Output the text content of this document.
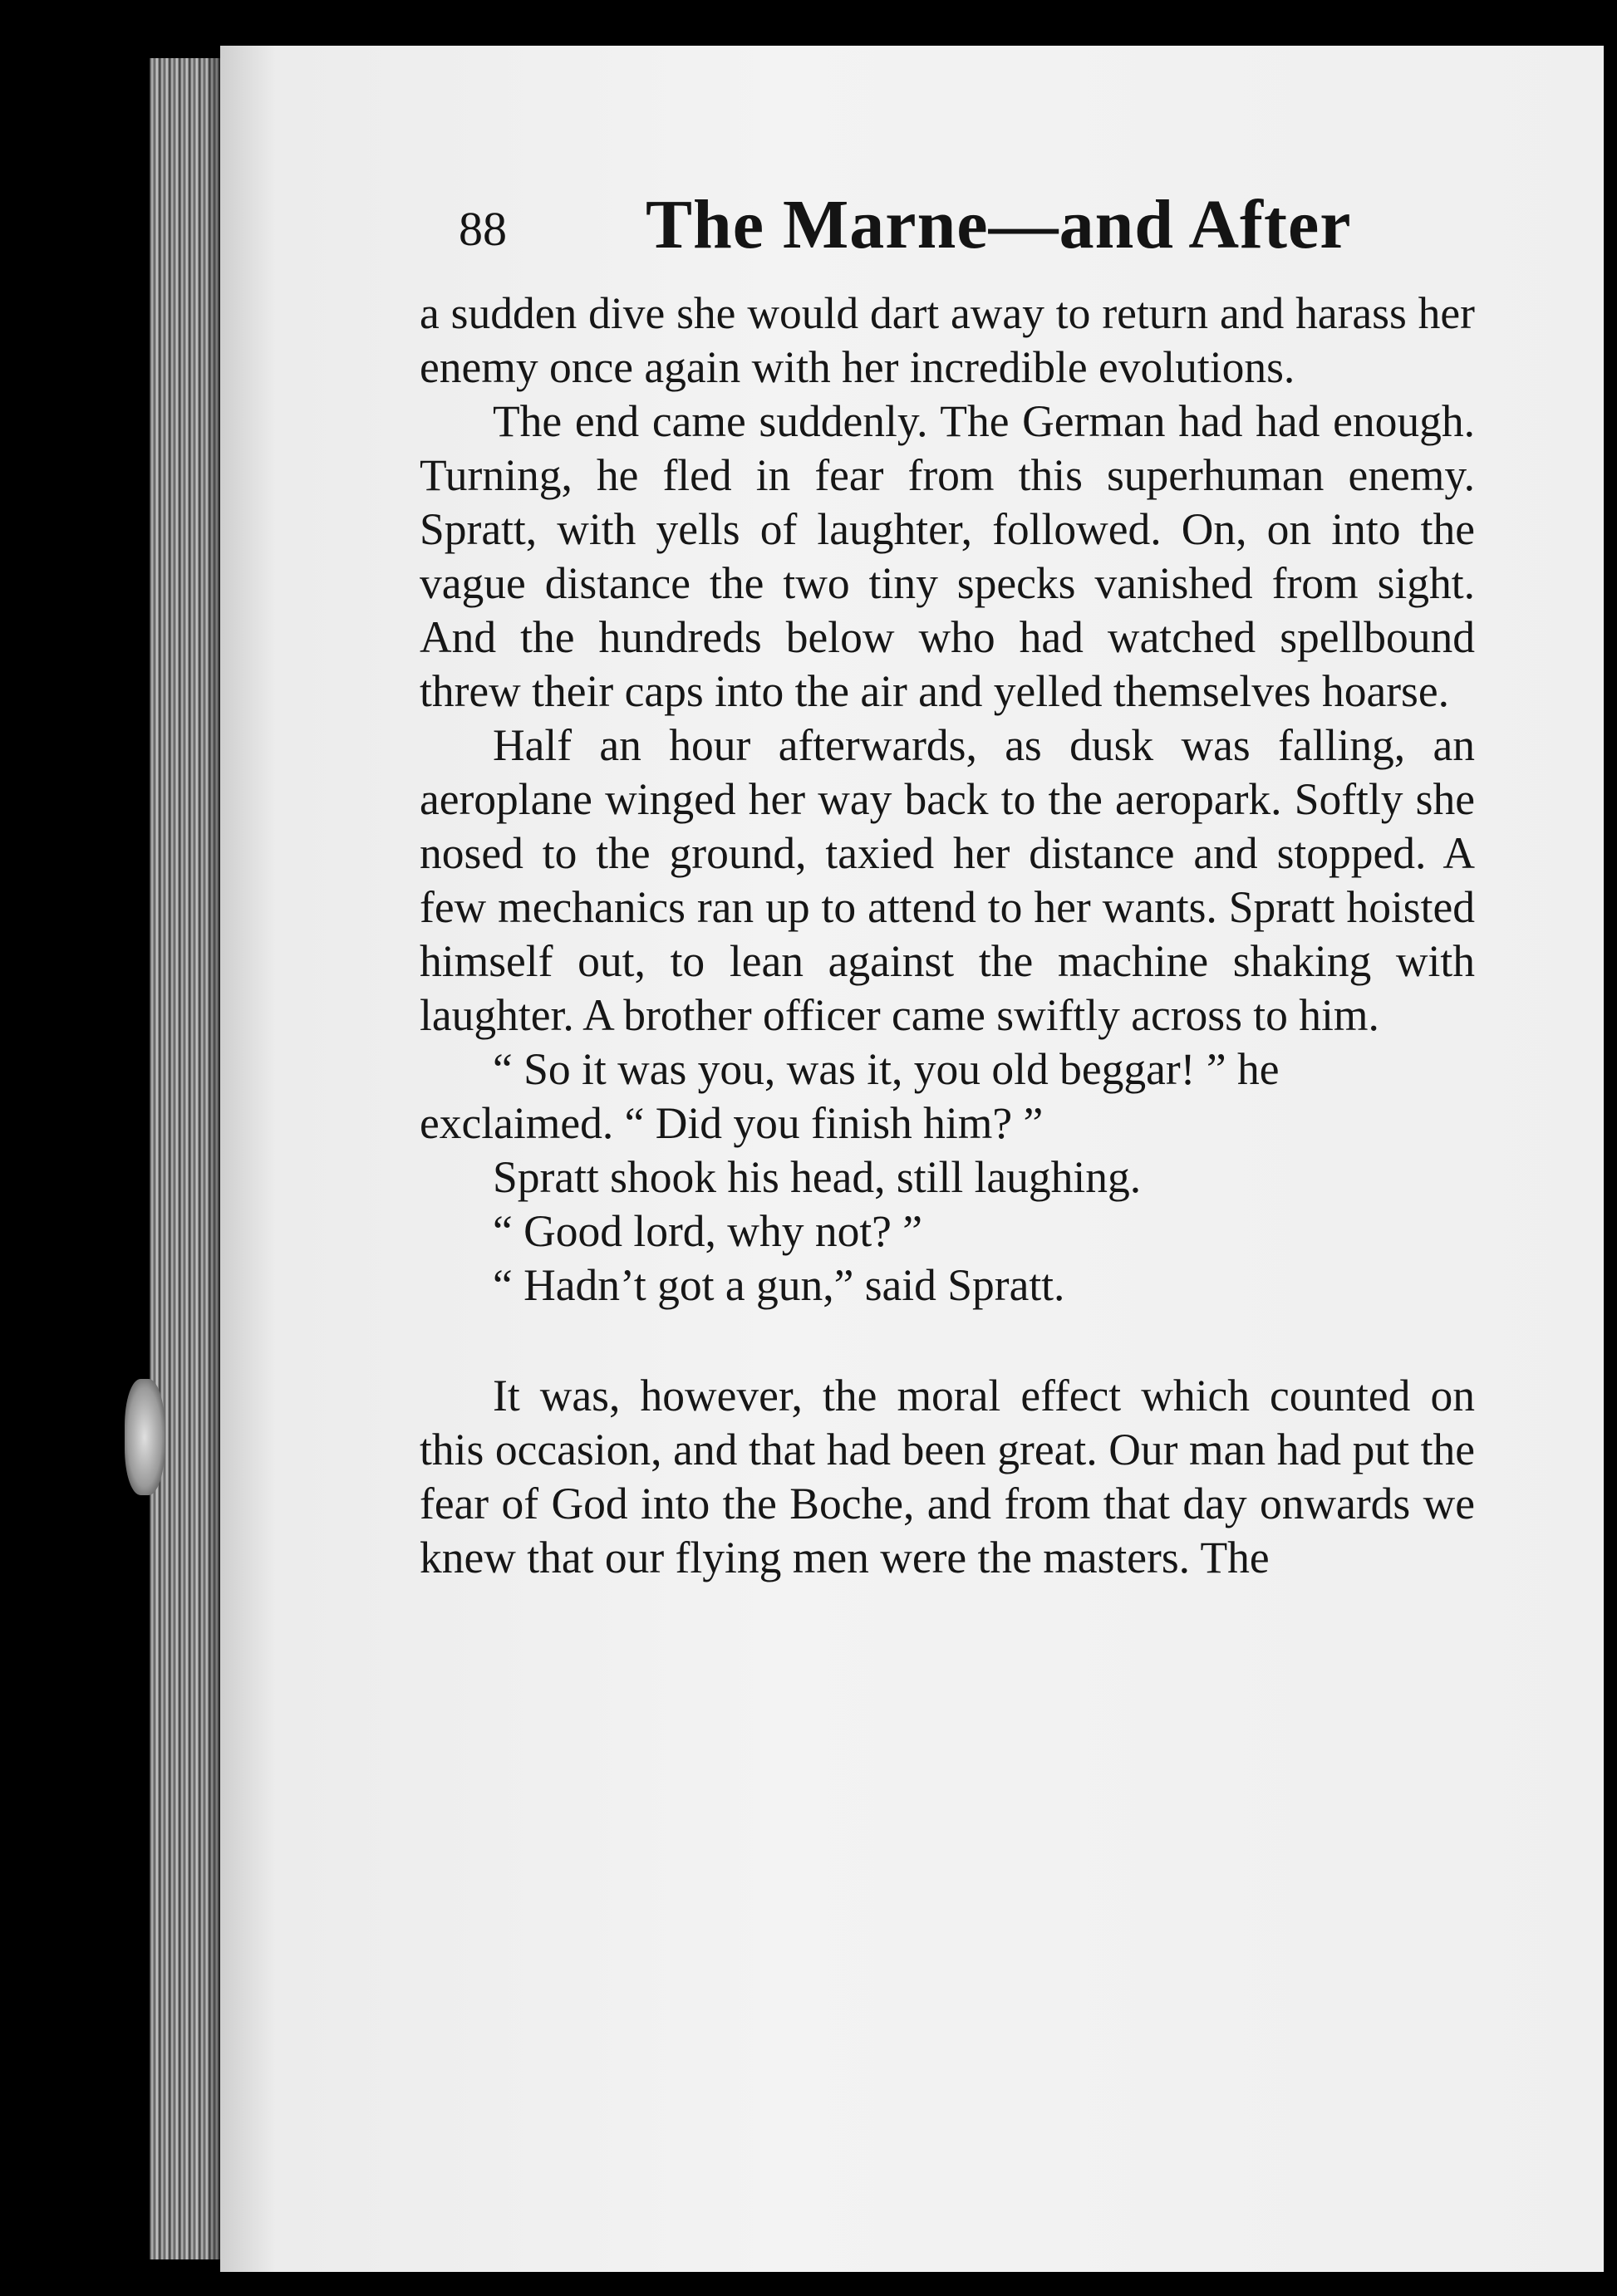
88 The Marne—and After

a sudden dive she would dart away to return and harass her enemy once again with her incredible evolutions.

The end came suddenly. The German had had enough. Turning, he fled in fear from this superhuman enemy. Spratt, with yells of laughter, followed. On, on into the vague distance the two tiny specks vanished from sight. And the hundreds below who had watched spellbound threw their caps into the air and yelled themselves hoarse.

Half an hour afterwards, as dusk was falling, an aeroplane winged her way back to the aeropark. Softly she nosed to the ground, taxied her distance and stopped. A few mechanics ran up to attend to her wants. Spratt hoisted himself out, to lean against the machine shaking with laughter. A brother officer came swiftly across to him.

“ So it was you, was it, you old beggar! ” he exclaimed. “ Did you finish him? ”

Spratt shook his head, still laughing.

“ Good lord, why not? ”

“ Hadn’t got a gun,” said Spratt.

It was, however, the moral effect which counted on this occasion, and that had been great. Our man had put the fear of God into the Boche, and from that day onwards we knew that our flying men were the masters. The
